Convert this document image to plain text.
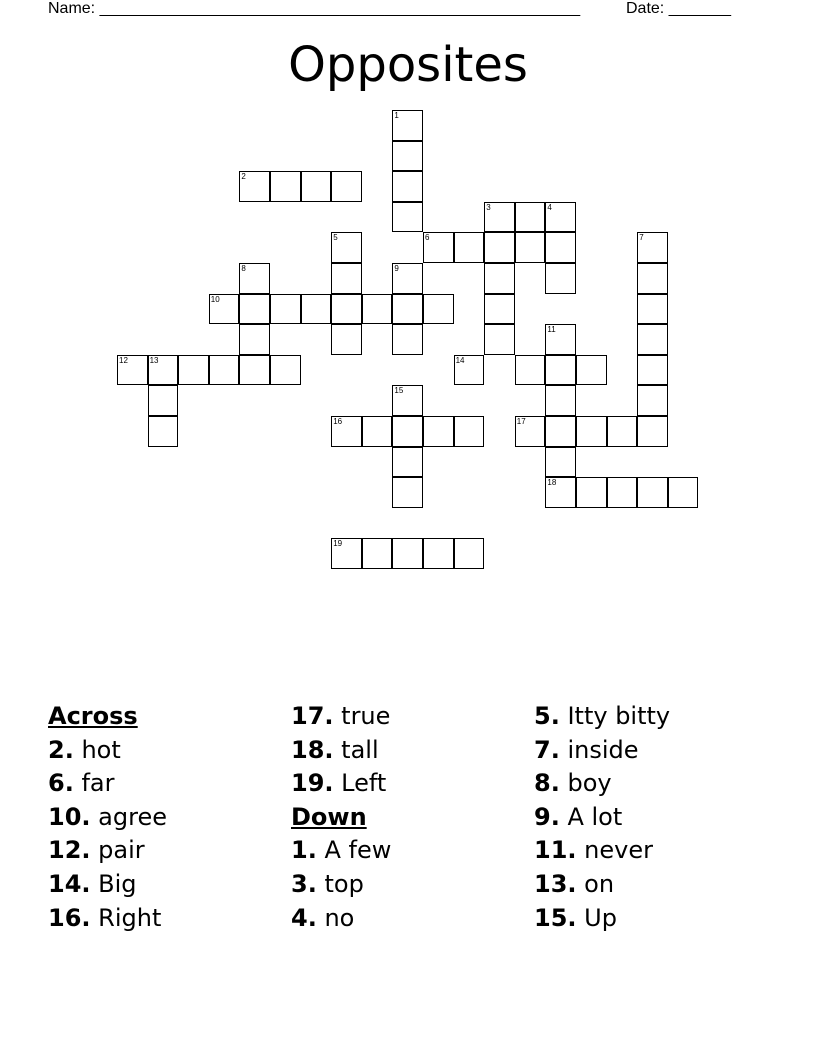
Name: ______________________________________________________	Date: _______
Opposites
1
2
3	4
6	7
5
8	9
10
12	13	14
11
18
15
16	17
19
Across
2. hot
6. far
10. agree
12. pair
14. Big
16. Right
17. true
18. tall
19. Left
Down
1. A few
3. top
4. no
5. Itty bitty
7. inside
8. boy
9. A lot
11. never
13. on
15. Up
